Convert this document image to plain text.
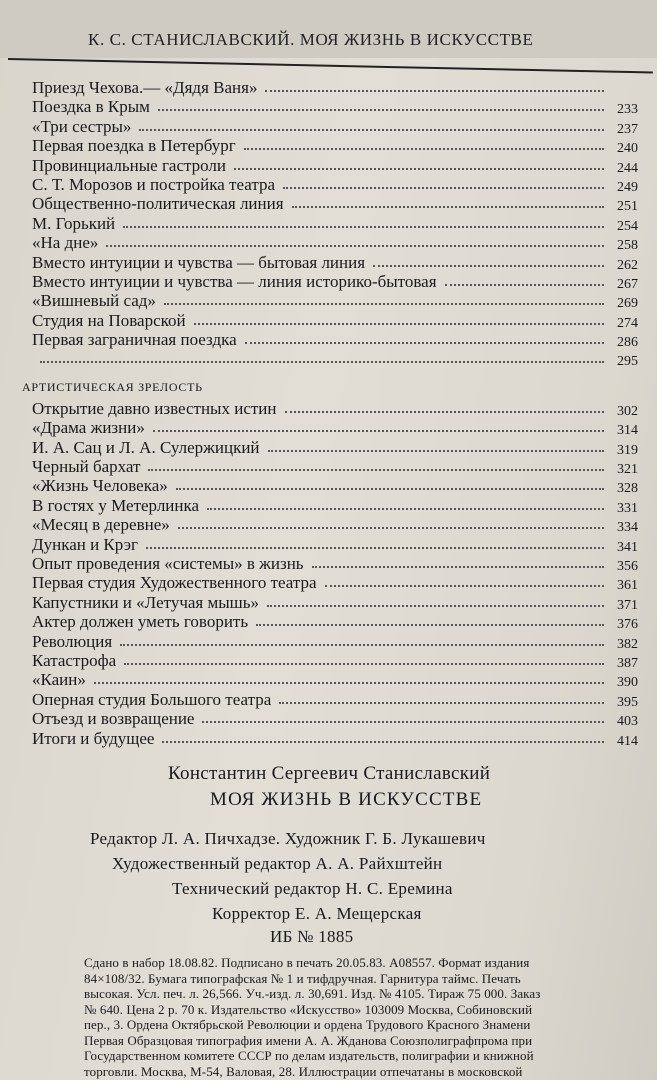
К. С. СТАНИСЛАВСКИЙ. МОЯ ЖИЗНЬ В ИСКУССТВЕ
Приезд Чехова.— «Дядя Ваня»
Поездка в Крым	233
«Три сестры»	237
Первая поездка в Петербург	240
Провинциальные гастроли	244
С. Т. Морозов и постройка театра	249
Общественно-политическая линия	251
М. Горький	254
«На дне»	258
Вместо интуиции и чувства — бытовая линия	262
Вместо интуиции и чувства — линия историко-бытовая	267
«Вишневый сад»	269
Студия на Поварской	274
Первая заграничная поездка	286
295
АРТИСТИЧЕСКАЯ ЗРЕЛОСТЬ
Открытие давно известных истин	302
«Драма жизни»	314
И. А. Сац и Л. А. Сулержицкий	319
Черный бархат	321
«Жизнь Человека»	328
В гостях у Метерлинка	331
«Месяц в деревне»	334
Дункан и Крэг	341
Опыт проведения «системы» в жизнь	356
Первая студия Художественного театра	361
Капустники и «Летучая мышь»	371
Актер должен уметь говорить	376
Революция	382
Катастрофа	387
«Каин»	390
Оперная студия Большого театра	395
Отъезд и возвращение	403
Итоги и будущее	414
Константин Сергеевич Станиславский
МОЯ ЖИЗНЬ В ИСКУССТВЕ
Редактор Л. А. Пичхадзе. Художник Г. Б. Лукашевич
Художественный редактор А. А. Райхштейн
Технический редактор Н. С. Еремина
Корректор Е. А. Мещерская
ИБ № 1885
Сдано в набор 18.08.82. Подписано в печать 20.05.83. А08557. Формат издания
84×108/32. Бумага типографская № 1 и тифдручная. Гарнитура таймс. Печать
высокая. Усл. печ. л. 26,566. Уч.-изд. л. 30,691. Изд. № 4105. Тираж 75 000. Заказ
№ 640. Цена 2 р. 70 к. Издательство «Искусство» 103009 Москва, Собиновский
пер., 3. Ордена Октябрьской Революции и ордена Трудового Красного Знамени
Первая Образцовая типография имени А. А. Жданова Союзполиграфпрома при
Государственном комитете СССР по делам издательств, полиграфии и книжной
торговли. Москва, М-54, Валовая, 28. Иллюстрации отпечатаны в московской
